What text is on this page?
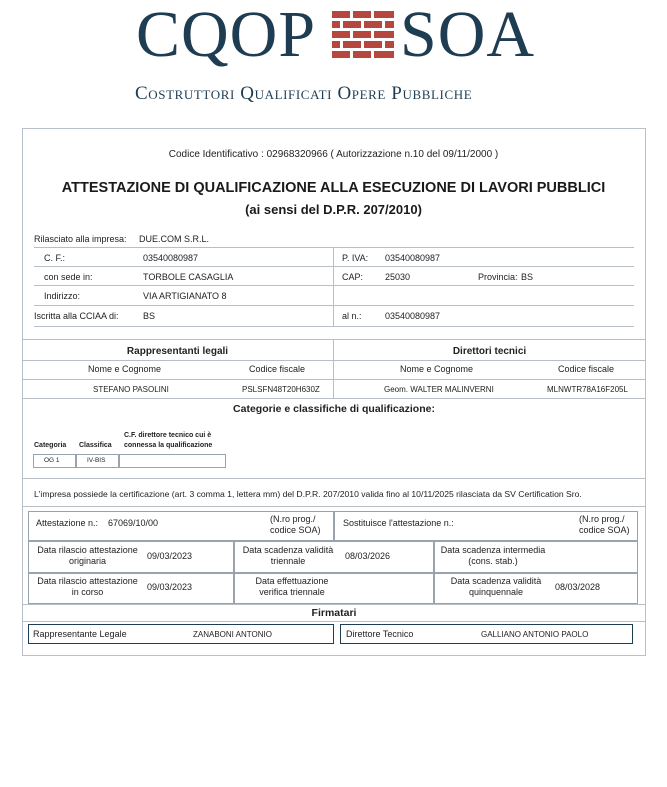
CQOP SOA
Costruttori Qualificati Opere Pubbliche
Codice Identificativo : 02968320966 ( Autorizzazione n.10 del 09/11/2000 )
ATTESTAZIONE DI QUALIFICAZIONE ALLA ESECUZIONE DI LAVORI PUBBLICI
(ai sensi del D.P.R. 207/2010)
Rilasciato alla impresa: DUE.COM S.R.L.
C. F.:	03540080987	P. IVA: 03540080987
con sede in:	TORBOLE CASAGLIA	CAP: 25030	Provincia: BS
Indirizzo:	VIA ARTIGIANATO 8
Iscritta alla CCIAA di:	BS	al n.:	03540080987
Rappresentanti legali	Direttori tecnici
Nome e Cognome	Codice fiscale	Nome e Cognome	Codice fiscale
STEFANO PASOLINI	PSLSFN48T20H630Z	Geom. WALTER MALINVERNI	MLNWTR78A16F205L
Categorie e classifiche di qualificazione:
Categoria Classifica
C.F. direttore tecnico cui è
connessa la qualificazione
OG 1	IV-BIS
L'impresa possiede la certificazione (art. 3 comma 1, lettera mm) del D.P.R. 207/2010 valida fino al 10/11/2025 rilasciata da SV Certification Sro.
Attestazione n.: 67069/10/00	(N.ro prog./
codice SOA)
Sostituisce l'attestazione n.:	(N.ro prog./
codice SOA)
Data rilascio attestazione
originaria	09/03/2023
Data scadenza validità
triennale	08/03/2026
Data scadenza intermedia
(cons. stab.)
Data rilascio attestazione
in corso	09/03/2023
Data effettuazione
verifica triennale
Data scadenza validità
quinquennale	08/03/2028
Firmatari
Rappresentante Legale	ZANABONI ANTONIO	Direttore Tecnico	GALLIANO ANTONIO PAOLO
